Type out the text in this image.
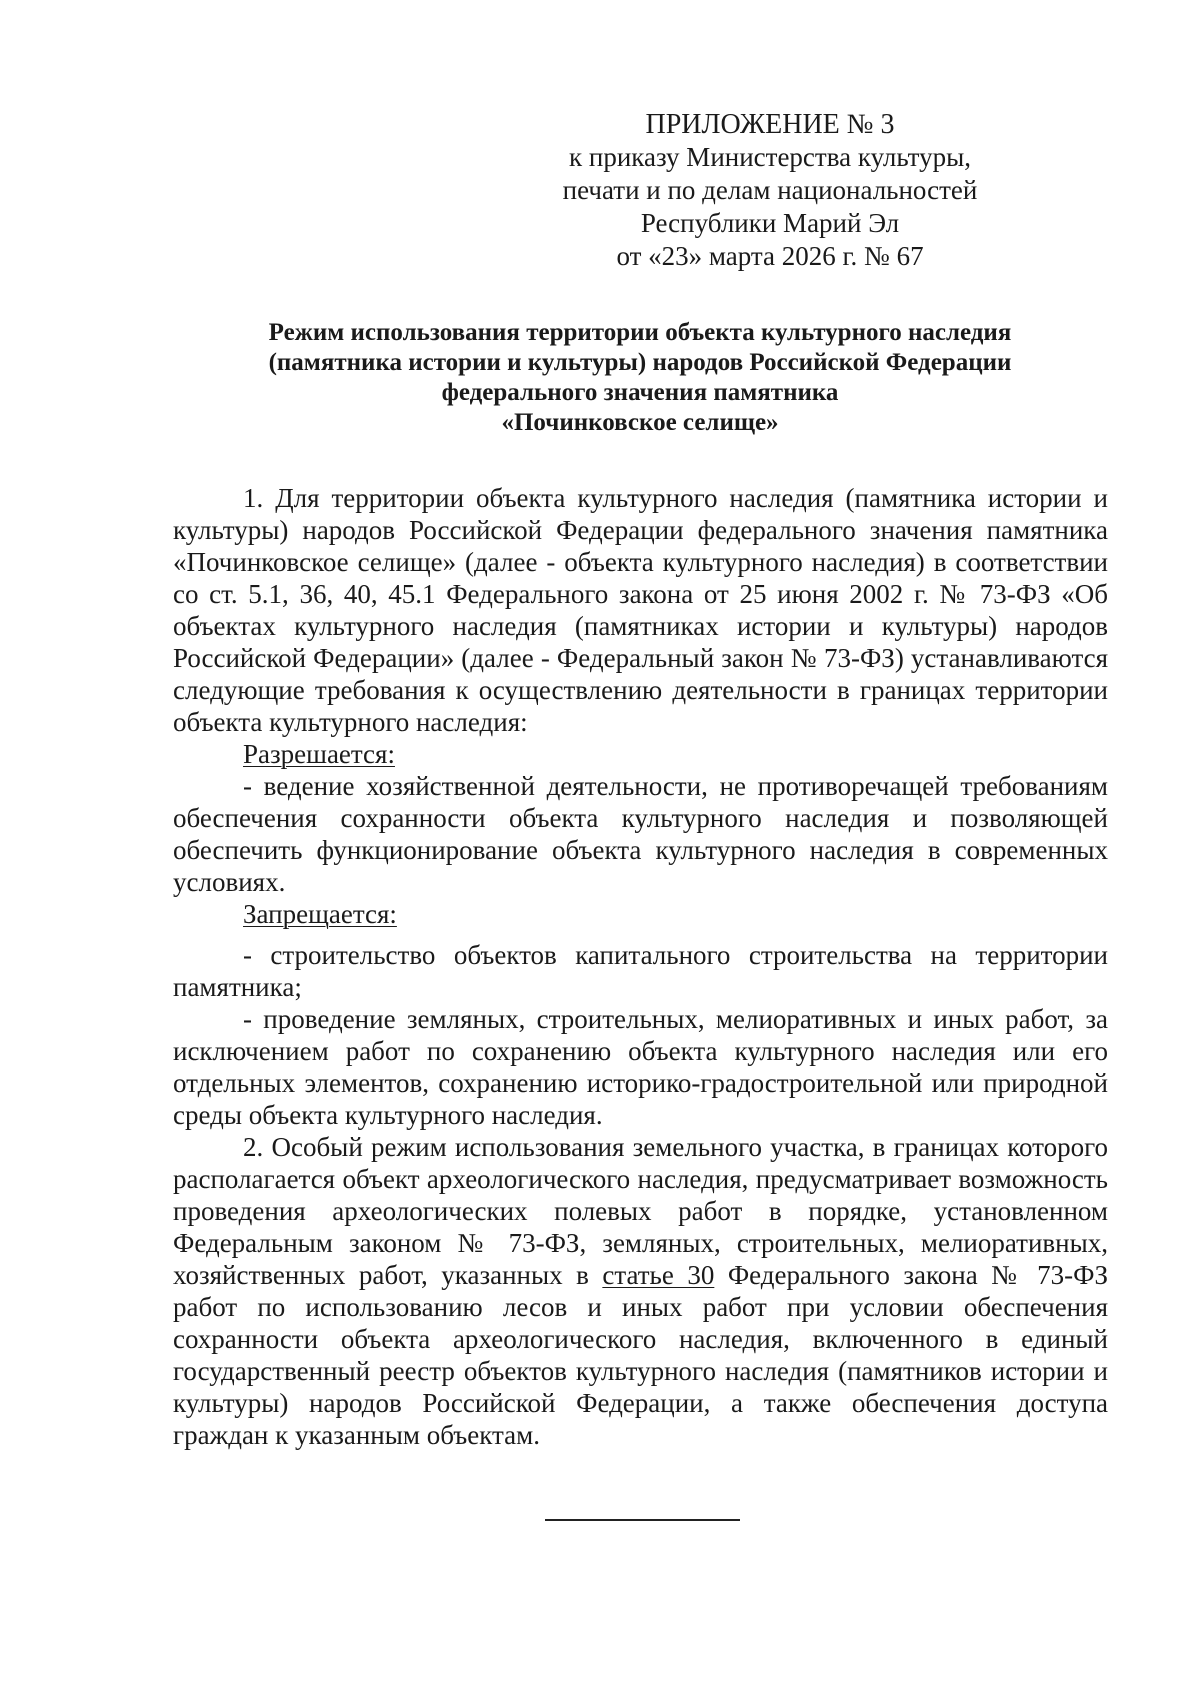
ПРИЛОЖЕНИЕ № 3
к приказу Министерства культуры,
печати и по делам национальностей
Республики Марий Эл
от «23» марта 2026 г. № 67
Режим использования территории объекта культурного наследия
(памятника истории и культуры) народов Российской Федерации
федерального значения памятника
«Починковское селище»

1. Для территории объекта культурного наследия (памятника истории и культуры) народов Российской Федерации федерального значения памятника «Починковское селище» (далее - объекта культурного наследия) в соответствии со ст. 5.1, 36, 40, 45.1 Федерального закона от 25 июня 2002 г. № 73-ФЗ «Об объектах культурного наследия (памятниках истории и культуры) народов Российской Федерации» (далее - Федеральный закон № 73-ФЗ) устанавливаются следующие требования к осуществлению деятельности в границах территории объекта культурного наследия:

Разрешается:

- ведение хозяйственной деятельности, не противоречащей требованиям обеспечения сохранности объекта культурного наследия и позволяющей обеспечить функционирование объекта культурного наследия в современных условиях.

Запрещается:

- строительство объектов капитального строительства на территории памятника;

- проведение земляных, строительных, мелиоративных и иных работ, за исключением работ по сохранению объекта культурного наследия или его отдельных элементов, сохранению историко-градостроительной или природной среды объекта культурного наследия.

2. Особый режим использования земельного участка, в границах которого располагается объект археологического наследия, предусматривает возможность проведения археологических полевых работ в порядке, установленном Федеральным законом № 73-ФЗ, земляных, строительных, мелиоративных, хозяйственных работ, указанных в статье 30 Федерального закона № 73-ФЗ работ по использованию лесов и иных работ при условии обеспечения сохранности объекта археологического наследия, включенного в единый государственный реестр объектов культурного наследия (памятников истории и культуры) народов Российской Федерации, а также обеспечения доступа граждан к указанным объектам.
